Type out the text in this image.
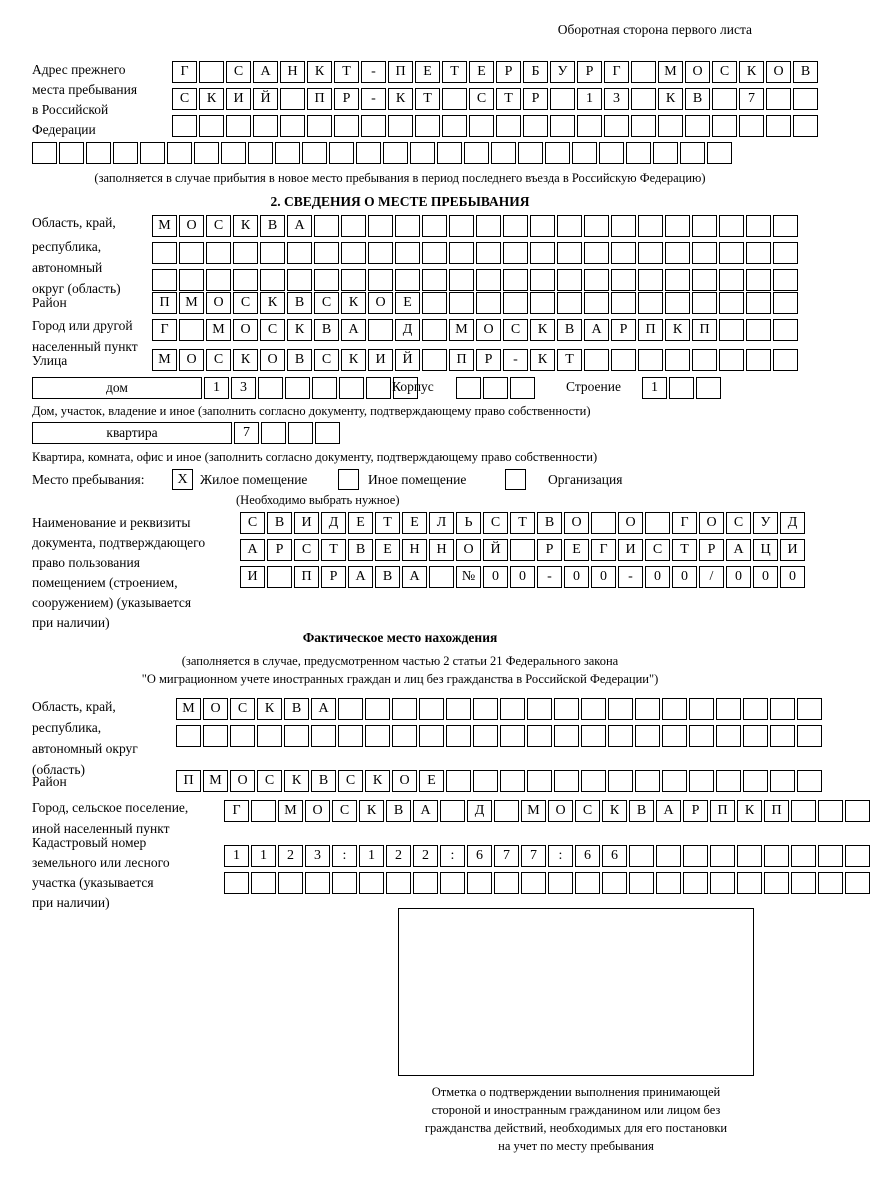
Оборотная сторона первого листа
Адрес прежнего
места пребывания
в Российской
Федерации
Г	С	А	Н	К	Т	-	П	Е	Т	Е	Р	Б	У	Р	Г	М	О	С	К	О	В
С	К	И	Й	П	Р	-	К	Т	С	Т	Р	1	3	К	В	7
(заполняется в случае прибытия в новое место пребывания в период последнего въезда в Российскую Федерацию)
2. СВЕДЕНИЯ О МЕСТЕ ПРЕБЫВАНИЯ
Область, край,
республика,
автономный
округ (область)
М	О	С	К	В	А
Район	П	М	О	С	К	В	С	К	О	Е
Город или другой
населенный пункт
Г	М	О	С	К	В	А	Д	М	О	С	К	В	А	Р	П	К	П
Улица	М	О	С	К	О	В	С	К	И	Й	П	Р	-	К	Т
дом	1	3	Корпус	Строение	1
Дом, участок, владение и иное (заполнить согласно документу, подтверждающему право собственности)
квартира	7
Квартира, комната, офис и иное (заполнить согласно документу, подтверждающему право собственности)
Место пребывания:	X Жилое помещение	Иное помещение	Организация
(Необходимо выбрать нужное)
Наименование и реквизиты
документа, подтверждающего
право пользования
помещением (строением,
сооружением) (указывается
при наличии)
С	В	И	Д	Е	Т	Е	Л	Ь	С	Т	В	О	О	Г	О	С	У	Д
А	Р	С	Т	В	Е	Н	Н	О	Й	Р	Е	Г	И	С	Т	Р	А	Ц	И
И	П	Р	А	В	А	№	0	0	-	0	0	-	0	0	/	0	0	0
Фактическое место нахождения
(заполняется в случае, предусмотренном частью 2 статьи 21 Федерального закона
"О миграционном учете иностранных граждан и лиц без гражданства в Российской Федерации")
Область, край,
республика,
автономный округ
(область)
М	О	С	К	В	А
Район	П	М	О	С	К	В	С	К	О	Е
Город, сельское поселение,
иной населенный пункт
Г	М	О	С	К	В	А	Д	М	О	С	К	В	А	Р	П	К	П
Кадастровый номер
земельного или лесного
участка (указывается
при наличии)
1	1	2	3	:	1	2	2	:	6	7	7	:	6	6
Отметка о подтверждении выполнения принимающей
стороной и иностранным гражданином или лицом без
гражданства действий, необходимых для его постановки
на учет по месту пребывания
